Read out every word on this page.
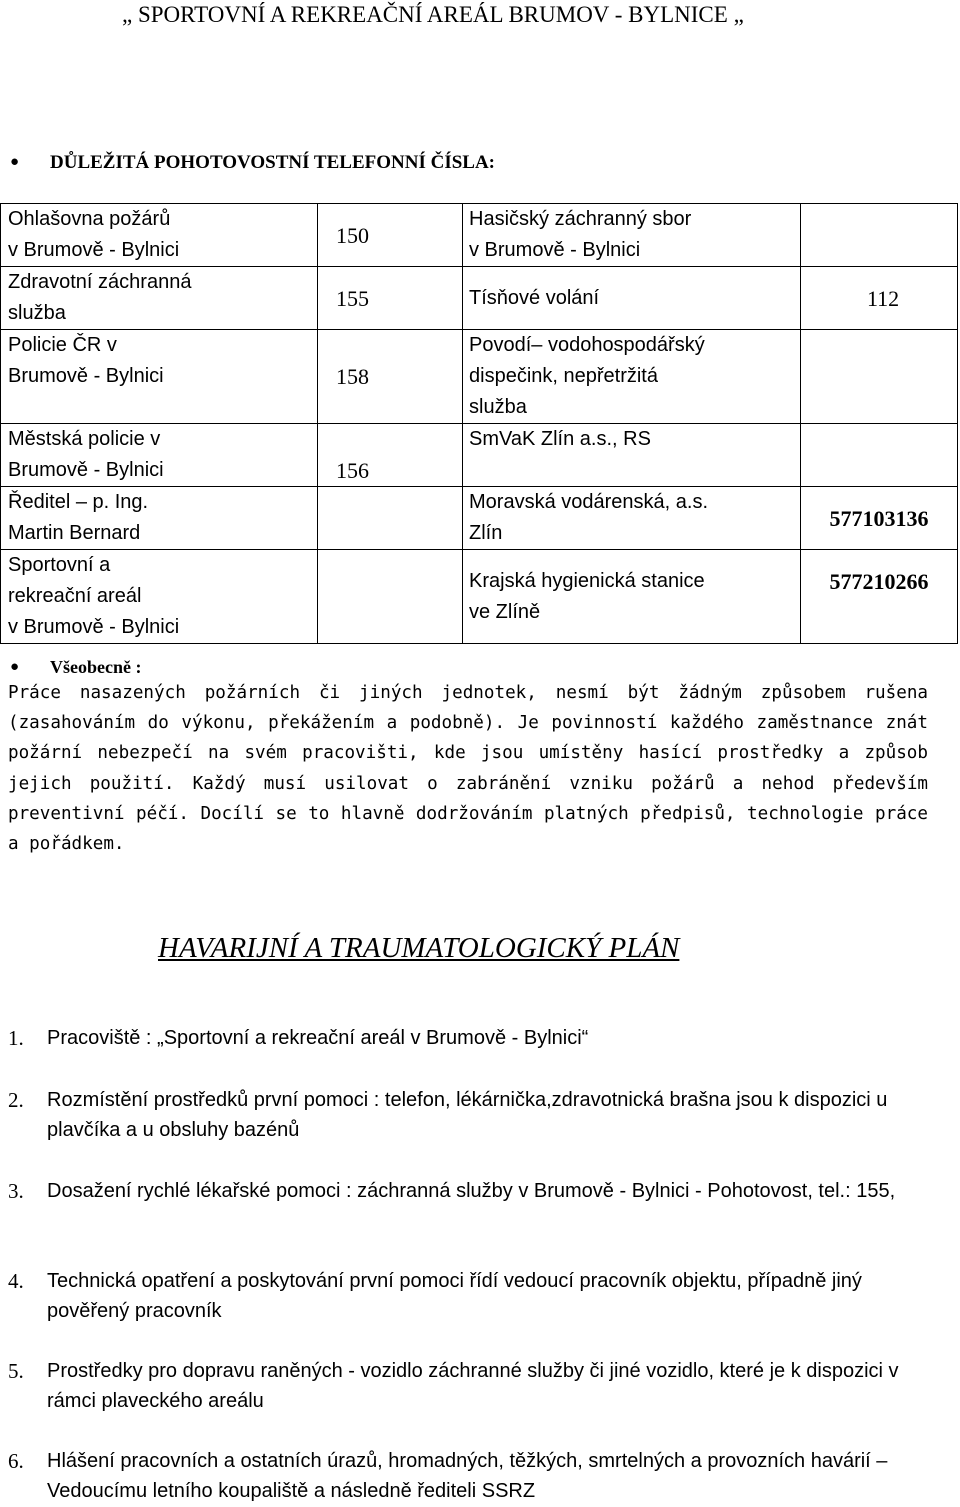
„ SPORTOVNÍ A REKREAČNÍ AREÁL BRUMOV - BYLNICE „
● DŮLEŽITÁ POHOTOVOSTNÍ TELEFONNÍ ČÍSLA:
Ohlašovna požárů
v Brumově - Bylnici	150	Hasičský záchranný sbor
v Brumově - Bylnici	

Zdravotní záchranná
služba	155	Tísňové volání	112

Policie ČR v
Brumově - Bylnici	158	Povodí– vodohospodářský
dispečink, nepřetržitá
služba	

Městská policie v
Brumově - Bylnici	156	SmVaK Zlín a.s., RS	

Ředitel – p. Ing.
Martin Bernard		Moravská vodárenská, a.s.
Zlín	577103136

Sportovní a
rekreační areál
v Brumově - Bylnici		Krajská hygienická stanice
ve Zlíně	577210266
● Všeobecně :
Práce nasazených požárních či jiných jednotek, nesmí být žádným způsobem rušena (zasahováním do výkonu, překážením a podobně). Je povinností každého zaměstnance znát požární nebezpečí na svém pracovišti, kde jsou umístěny hasící prostředky a způsob jejich použití. Každý musí usilovat o zabránění vzniku požárů a nehod především preventivní péčí. Docílí se to hlavně dodržováním platných předpisů, technologie práce a pořádkem.
HAVARIJNÍ A TRAUMATOLOGICKÝ PLÁN
1.	Pracoviště : „Sportovní a rekreační areál v Brumově - Bylnici“
2.	Rozmístění prostředků první pomoci : telefon, lékárnička,zdravotnická brašna jsou k dispozici u plavčíka a u obsluhy bazénů
3.	Dosažení rychlé lékařské pomoci : záchranná služby v Brumově - Bylnici - Pohotovost, tel.: 155,
4.	Technická opatření a poskytování první pomoci řídí vedoucí pracovník objektu, případně jiný pověřený pracovník
5.	Prostředky pro dopravu raněných - vozidlo záchranné služby či jiné vozidlo, které je k dispozici v rámci plaveckého areálu
6.	Hlášení pracovních a ostatních úrazů, hromadných, těžkých, smrtelných a provozních havárií – Vedoucímu letního koupaliště a následně řediteli SSRZ
